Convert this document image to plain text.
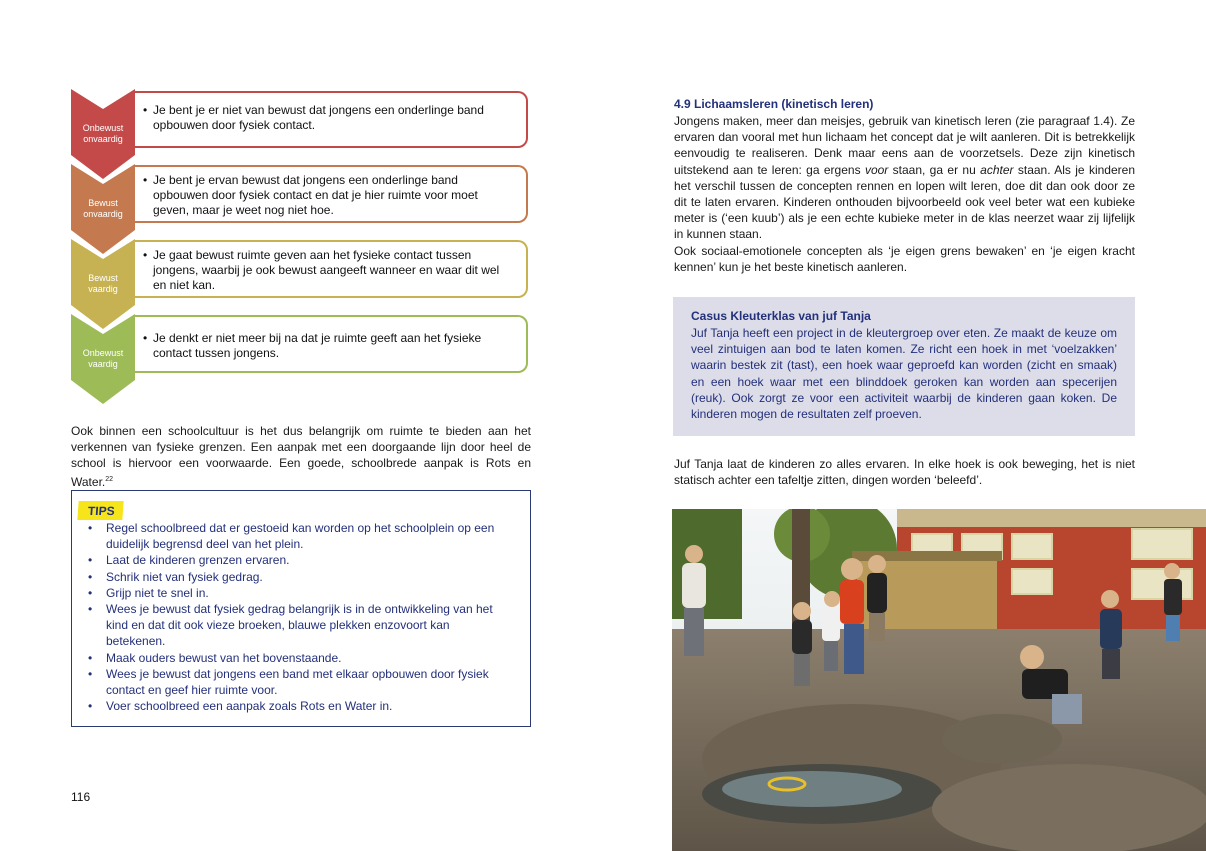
• Je bent je er niet van bewust dat jongens een onderlinge band opbouwen door fysiek contact.
Onbewust
onvaardig
• Je bent je ervan bewust dat jongens een onderlinge band opbouwen door fysiek contact en dat je hier ruimte voor moet geven, maar je weet nog niet hoe.
Bewust
onvaardig
• Je gaat bewust ruimte geven aan het fysieke contact tussen jongens, waarbij je ook bewust aangeeft wanneer en waar dit wel en niet kan.
Bewust
vaardig
• Je denkt er niet meer bij na dat je ruimte geeft aan het fysieke contact tussen jongens.
Onbewust
vaardig
Ook binnen een schoolcultuur is het dus belangrijk om ruimte te bieden aan het verkennen van fysieke grenzen. Een aanpak met een doorgaande lijn door heel de school is hiervoor een voorwaarde. Een goede, schoolbrede aanpak is Rots en Water.$^{22}$
TIPS
• Regel schoolbreed dat er gestoeid kan worden op het schoolplein op een duidelijk begrensd deel van het plein.
• Laat de kinderen grenzen ervaren.
• Schrik niet van fysiek gedrag.
• Grijp niet te snel in.
• Wees je bewust dat fysiek gedrag belangrijk is in de ontwikkeling van het kind en dat dit ook vieze broeken, blauwe plekken enzovoort kan betekenen.
• Maak ouders bewust van het bovenstaande.
• Wees je bewust dat jongens een band met elkaar opbouwen door fysiek contact en geef hier ruimte voor.
• Voer schoolbreed een aanpak zoals Rots en Water in.
116
4.9 Lichaamsleren (kinetisch leren)
Jongens maken, meer dan meisjes, gebruik van kinetisch leren (zie paragraaf 1.4). Ze ervaren dan vooral met hun lichaam het concept dat je wilt aanleren. Dit is betrekkelijk eenvoudig te realiseren. Denk maar eens aan de voorzetsels. Deze zijn kinetisch uitstekend aan te leren: ga ergens voor staan, ga er nu achter staan. Als je kinderen het verschil tussen de concepten rennen en lopen wilt leren, doe dit dan ook door ze dit te laten ervaren. Kinderen onthouden bijvoorbeeld ook veel beter wat een kubieke meter is (‘een kuub’) als je een echte kubieke meter in de klas neerzet waar zij lijfelijk in kunnen staan.
Ook sociaal-emotionele concepten als ‘je eigen grens bewaken’ en ‘je eigen kracht kennen’ kun je het beste kinetisch aanleren.
Casus Kleuterklas van juf Tanja
Juf Tanja heeft een project in de kleutergroep over eten. Ze maakt de keuze om veel zintuigen aan bod te laten komen. Ze richt een hoek in met ‘voelzakken’ waarin bestek zit (tast), een hoek waar geproefd kan worden (zicht en smaak) en een hoek waar met een blinddoek geroken kan worden aan specerijen (reuk). Ook zorgt ze voor een activiteit waarbij de kinderen gaan koken. De kinderen mogen de resultaten zelf proeven.
Juf Tanja laat de kinderen zo alles ervaren. In elke hoek is ook beweging, het is niet statisch achter een tafeltje zitten, dingen worden ‘beleefd’.
